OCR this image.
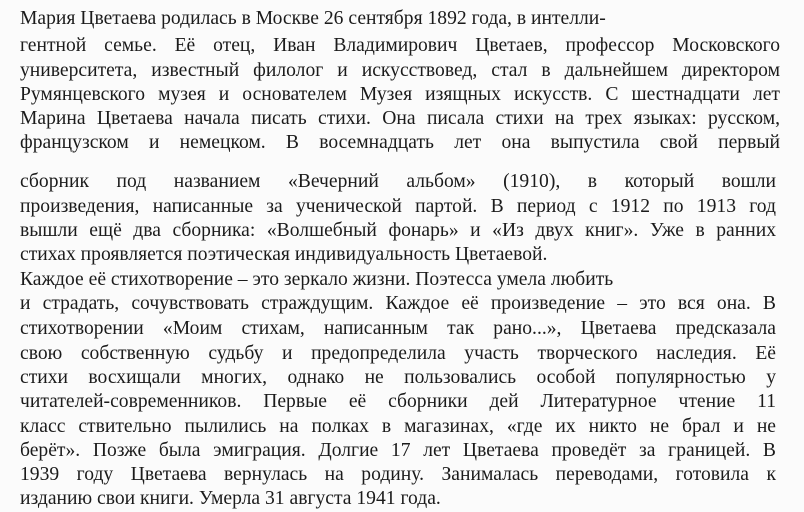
Мария Цветаева родилась в Москве 26 сентября 1892 года, в интелли-
гентной семье. Её отец, Иван Владимирович Цветаев, профессор Московского
университета, известный филолог и искусствовед, стал в дальнейшем директором
Румянцевского музея и основателем Музея изящных искусств. С шестнадцати лет
Марина Цветаева начала писать стихи. Она писала стихи на трех языках: русском,
французском и немецком. В восемнадцать лет она выпустила свой первый
сборник под названием «Вечерний альбом» (1910), в который вошли
произведения, написанные за ученической партой. В период с 1912 по 1913 год
вышли ещё два сборника: «Волшебный фонарь» и «Из двух книг». Уже в ранних
стихах проявляется поэтическая индивидуальность Цветаевой.
Каждое её стихотворение – это зеркало жизни. Поэтесса умела любить
и страдать, сочувствовать страждущим. Каждое её произведение – это вся она. В
стихотворении «Моим стихам, написанным так рано...», Цветаева предсказала
свою собственную судьбу и предопределила участь творческого наследия. Её
стихи восхищали многих, однако не пользовались особой популярностью у
читателей-современников. Первые её сборники дей Литературное чтение 11
класс ствительно пылились на полках в магазинах, «где их никто не брал и не
берёт». Позже была эмиграция. Долгие 17 лет Цветаева проведёт за границей. В
1939 году Цветаева вернулась на родину. Занималась переводами, готовила к
изданию свои книги. Умерла 31 августа 1941 года.
